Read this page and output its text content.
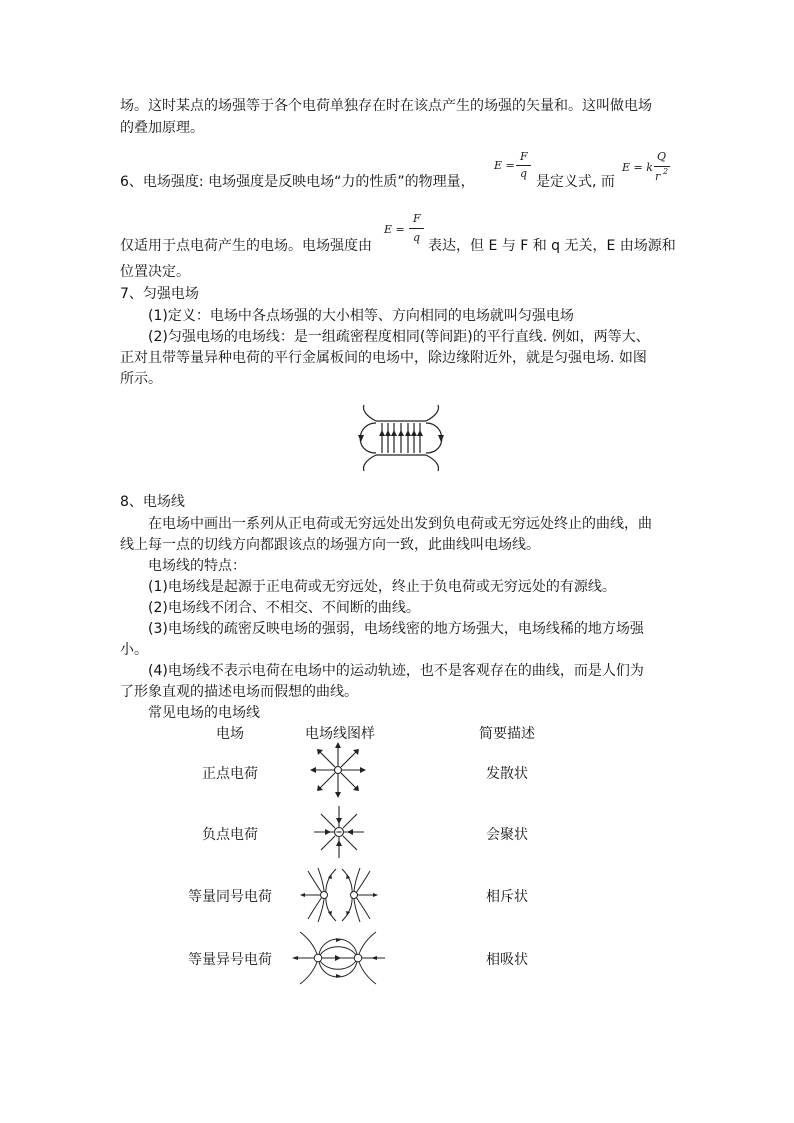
场。这时某点的场强等于各个电荷单独存在时在该点产生的场强的矢量和。这叫做电场
的叠加原理。
6、电场强度: 电场强度是反映电场“力的性质”的物理量，
E =
F
q
是定义式, 而
E = k
Q
r 2
E =
F
q
仅适用于点电荷产生的电场。电场强度由	表达，但 E 与 F 和 q 无关，E 由场源和
位置决定。
7、匀强电场
(1)定义：电场中各点场强的大小相等、方向相同的电场就叫匀强电场
(2)匀强电场的电场线：是一组疏密程度相同(等间距)的平行直线. 例如，两等大、
正对且带等量异种电荷的平行金属板间的电场中，除边缘附近外，就是匀强电场. 如图
所示。
8、电场线
在电场中画出一系列从正电荷或无穷远处出发到负电荷或无穷远处终止的曲线，曲
线上每一点的切线方向都跟该点的场强方向一致，此曲线叫电场线。
电场线的特点：
(1)电场线是起源于正电荷或无穷远处，终止于负电荷或无穷远处的有源线。
(2)电场线不闭合、不相交、不间断的曲线。
(3)电场线的疏密反映电场的强弱，电场线密的地方场强大，电场线稀的地方场强
小。
(4)电场线不表示电荷在电场中的运动轨迹，也不是客观存在的曲线，而是人们为
了形象直观的描述电场而假想的曲线。
常见电场的电场线
电场	电场线图样	简要描述
正点电荷	发散状
负点电荷	会聚状
等量同号电荷	相斥状
等量异号电荷	相吸状
